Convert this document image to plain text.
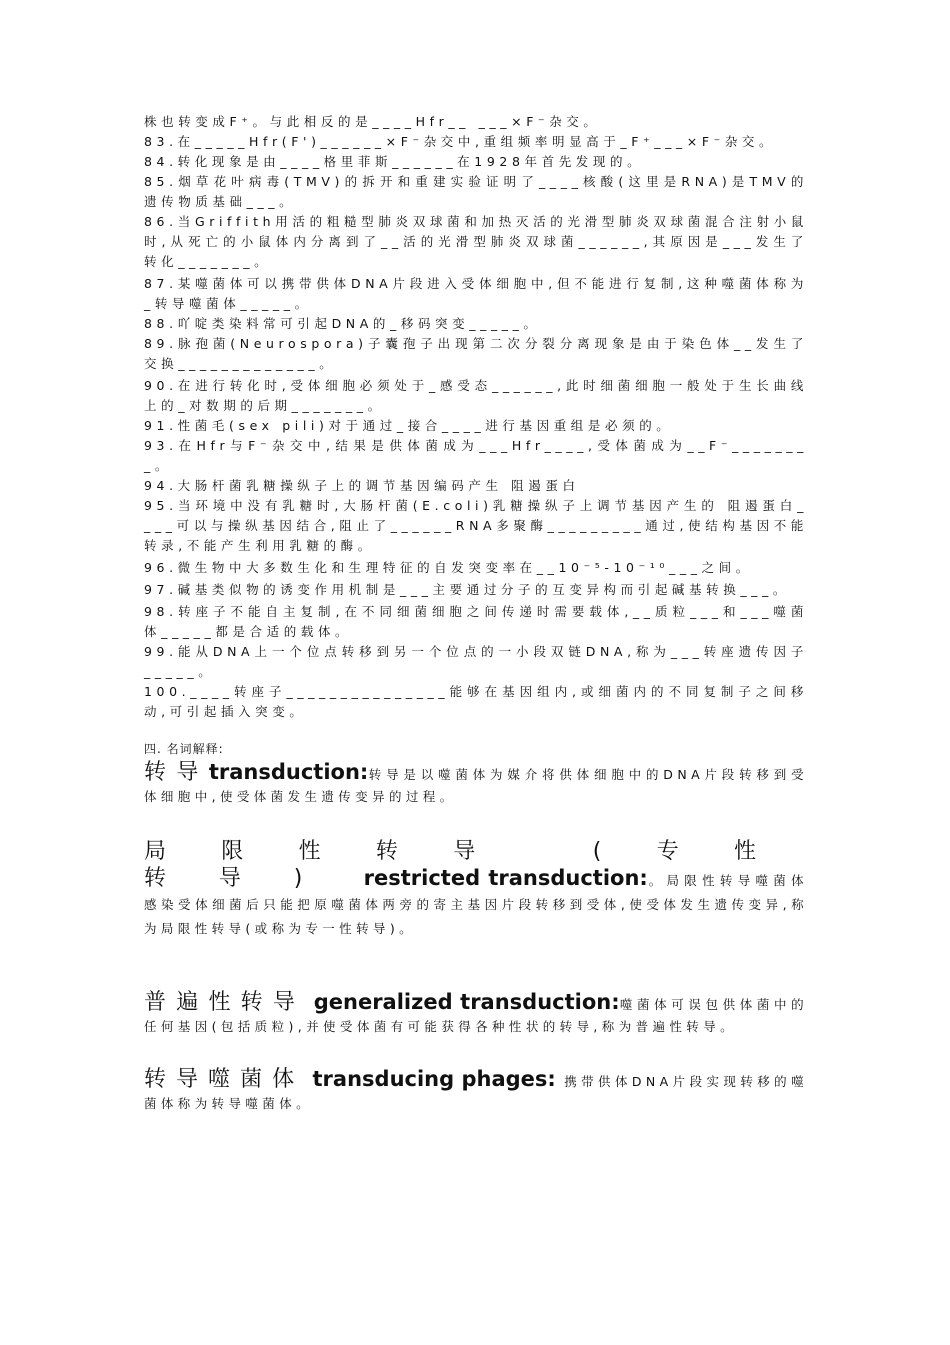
株也转变成F⁺。与此相反的是____Hfr__ ___×F⁻杂交。

83.在_____Hfr(F')______×F⁻杂交中,重组频率明显高于_F⁺___×F⁻杂交。

84.转化现象是由____格里菲斯______在1928年首先发现的。

85.烟草花叶病毒(TMV)的拆开和重建实验证明了____核酸(这里是RNA)是TMV的遗传物质基础___。

86.当Griffith用活的粗糙型肺炎双球菌和加热灭活的光滑型肺炎双球菌混合注射小鼠时,从死亡的小鼠体内分离到了__活的光滑型肺炎双球菌______,其原因是___发生了转化_______。

87.某噬菌体可以携带供体DNA片段进入受体细胞中,但不能进行复制,这种噬菌体称为_转导噬菌体_____。

88.吖啶类染料常可引起DNA的_移码突变_____。

89.脉孢菌(Neurospora)子囊孢子出现第二次分裂分离现象是由于染色体__发生了交换_____________。

90.在进行转化时,受体细胞必须处于_感受态______,此时细菌细胞一般处于生长曲线上的_对数期的后期_______。

91.性菌毛(sex pili)对于通过_接合____进行基因重组是必须的。

93.在Hfr与F⁻杂交中,结果是供体菌成为___Hfr____,受体菌成为__F⁻________。

94.大肠杆菌乳糖操纵子上的调节基因编码产生 阻遏蛋白

95.当环境中没有乳糖时,大肠杆菌(E.coli)乳糖操纵子上调节基因产生的 阻遏蛋白____可以与操纵基因结合,阻止了______RNA多聚酶_________通过,使结构基因不能转录,不能产生利用乳糖的酶。

96.微生物中大多数生化和生理特征的自发突变率在__10⁻⁵-10⁻¹⁰___之间。

97.碱基类似物的诱变作用机制是___主要通过分子的互变异构而引起碱基转换___。

98.转座子不能自主复制,在不同细菌细胞之间传递时需要载体,__质粒___和___噬菌体_____都是合适的载体。

99.能从DNA上一个位点转移到另一个位点的一小段双链DNA,称为___转座遗传因子_____。

100.____转座子_______________能够在基因组内,或细菌内的不同复制子之间移动,可引起插入突变。

四. 名词解释:

转导transduction:转导是以噬菌体为媒介将供体细胞中的DNA片段转移到受体细胞中,使受体菌发生遗传变异的过程。

局限性转导 (专性转导) restricted transduction:。局限性转导噬菌体感染受体细菌后只能把原噬菌体两旁的寄主基因片段转移到受体,使受体发生遗传变异,称为局限性转导(或称为专一性转导)。

普遍性转导 generalized transduction:噬菌体可误包供体菌中的任何基因(包括质粒),并使受体菌有可能获得各种性状的转导,称为普遍性转导。

转导噬菌体 transducing phages: 携带供体DNA片段实现转移的噬菌体称为转导噬菌体。
